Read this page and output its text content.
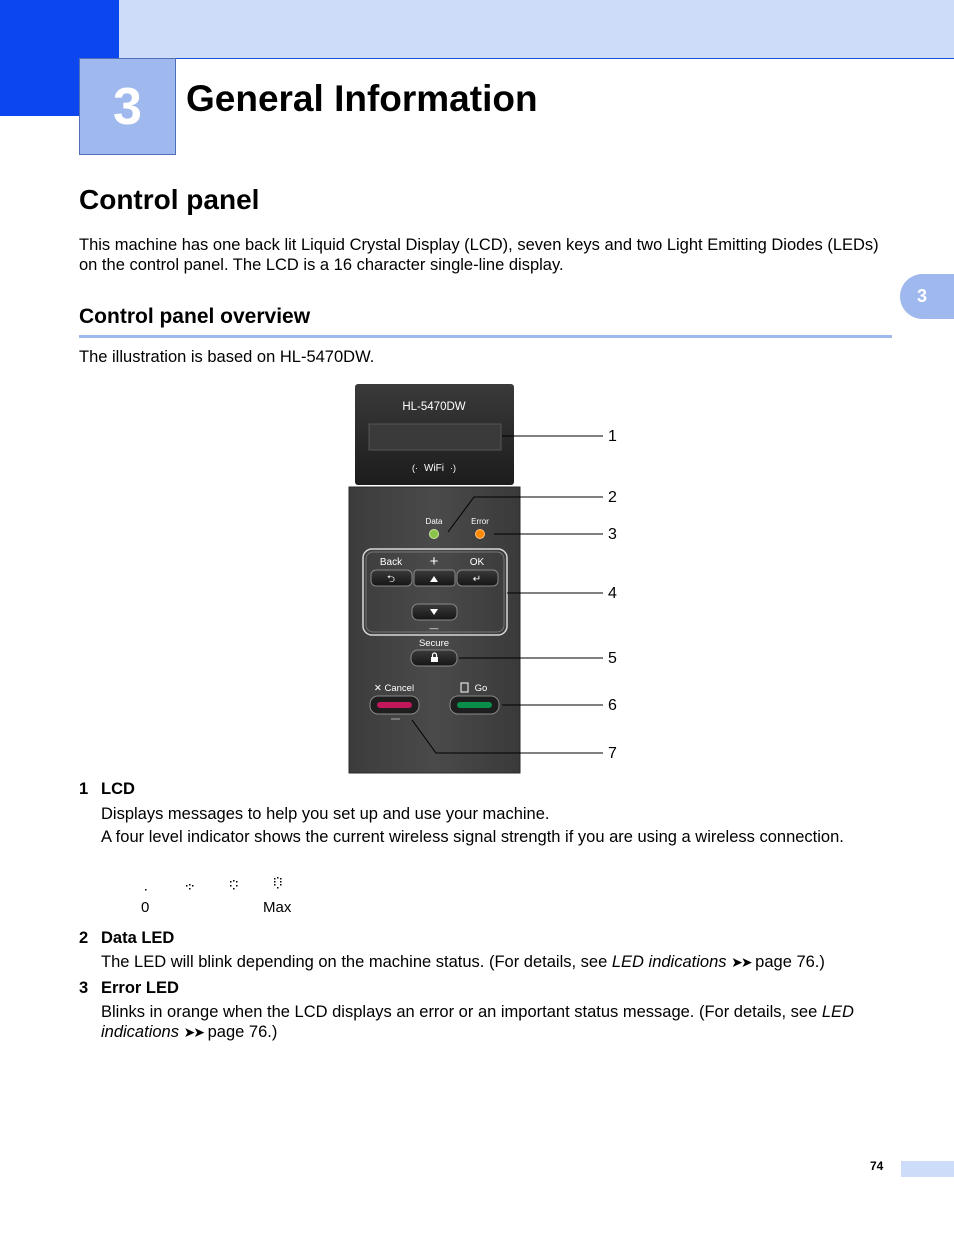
3 General Information
3
Control panel
This machine has one back lit Liquid Crystal Display (LCD), seven keys and two Light Emitting Diodes (LEDs) on the control panel. The LCD is a 16 character single-line display.
Control panel overview
The illustration is based on HL-5470DW.
HL-5470DW
WiFi
(·	·)
Data	Error
Back +	OK
⮌	↵
—
Secure
✕ Cancel	Go
1
2
3
4
5
6
7
1 LCD
Displays messages to help you set up and use your machine.
A four level indicator shows the current wireless signal strength if you are using a wireless connection.
0	Max
2 Data LED
The LED will blink depending on the machine status. (For details, see LED indications ➤➤ page 76.)
3 Error LED
Blinks in orange when the LCD displays an error or an important status message. (For details, see LED indications ➤➤ page 76.)
74
